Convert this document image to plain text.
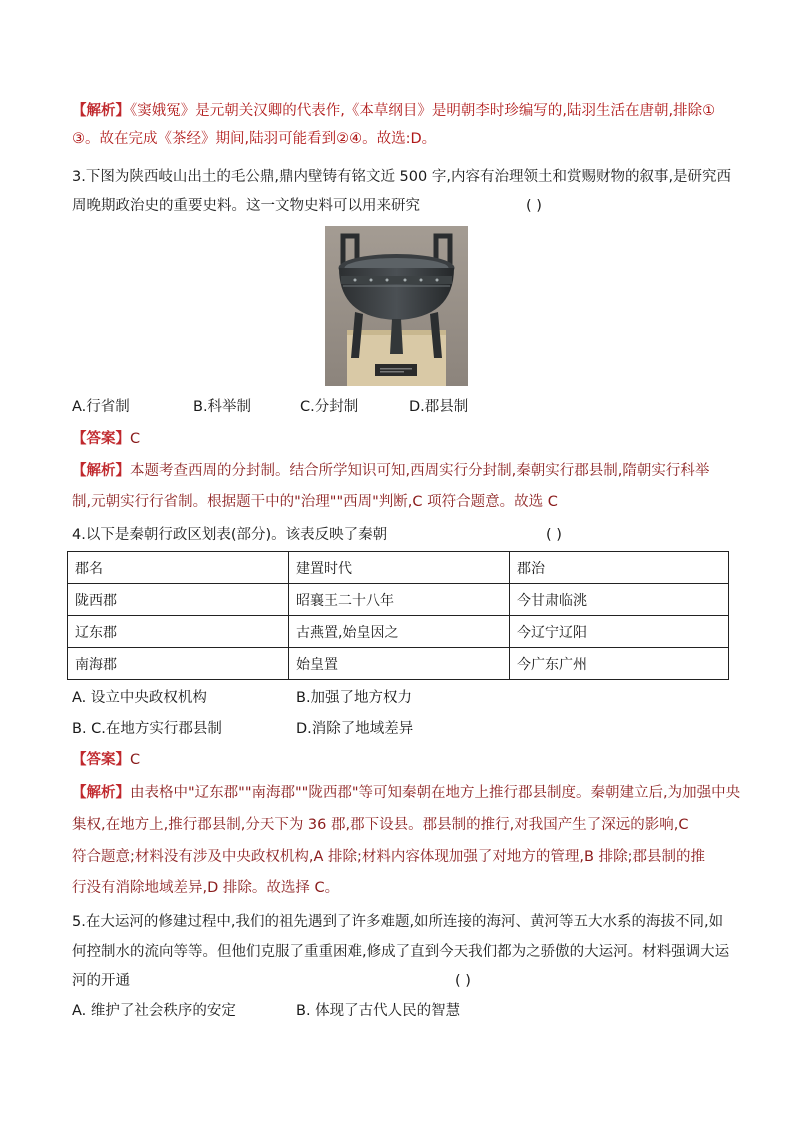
【解析】《窦娥冤》是元朝关汉卿的代表作,《本草纲目》是明朝李时珍编写的,陆羽生活在唐朝,排除①
③。故在完成《茶经》期间,陆羽可能看到②④。故选:D。
3.下图为陕西岐山出土的毛公鼎,鼎内壁铸有铭文近 500 字,内容有治理领土和赏赐财物的叙事,是研究西
周晚期政治史的重要史料。这一文物史料可以用来研究	( )
A.行省制	B.科举制	C.分封制	D.郡县制
【答案】C
【解析】本题考查西周的分封制。结合所学知识可知,西周实行分封制,秦朝实行郡县制,隋朝实行科举
制,元朝实行行省制。根据题干中的"治理""西周"判断,C 项符合题意。故选 C
4.以下是秦朝行政区划表(部分)。该表反映了秦朝	( )
郡名	建置时代	郡治
陇西郡	昭襄王二十八年	今甘肃临洮
辽东郡	古燕置,始皇因之	今辽宁辽阳
南海郡	始皇置	今广东广州
A. 设立中央政权机构	B.加强了地方权力
B. C.在地方实行郡县制	D.消除了地域差异
【答案】C
【解析】由表格中"辽东郡""南海郡""陇西郡"等可知秦朝在地方上推行郡县制度。秦朝建立后,为加强中央
集权,在地方上,推行郡县制,分天下为 36 郡,郡下设县。郡县制的推行,对我国产生了深远的影响,C
符合题意;材料没有涉及中央政权机构,A 排除;材料内容体现加强了对地方的管理,B 排除;郡县制的推
行没有消除地域差异,D 排除。故选择 C。
5.在大运河的修建过程中,我们的祖先遇到了许多难题,如所连接的海河、黄河等五大水系的海拔不同,如
何控制水的流向等等。但他们克服了重重困难,修成了直到今天我们都为之骄傲的大运河。材料强调大运
河的开通	( )
A. 维护了社会秩序的安定	B. 体现了古代人民的智慧
